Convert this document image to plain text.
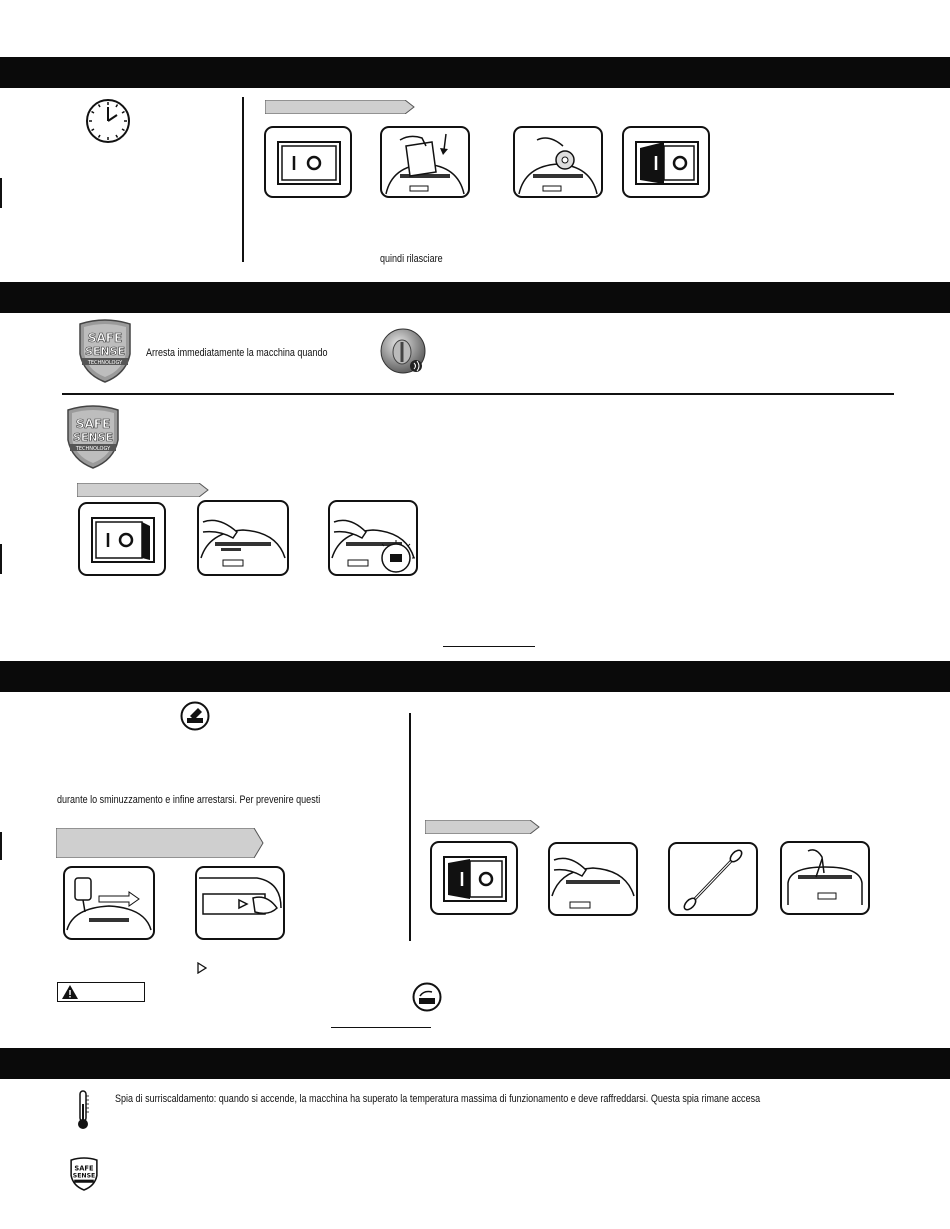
quindi rilasciare
SAFE
SENSE
TECHNOLOGY
Arresta immediatamente la macchina quando
SAFE
SENSE
TECHNOLOGY
durante lo sminuzzamento e infine arrestarsi. Per prevenire questi
Spia di surriscaldamento: quando si accende, la macchina ha superato la temperatura massima di funzionamento e deve raffreddarsi. Questa spia rimane accesa
SAFE
SENSE
